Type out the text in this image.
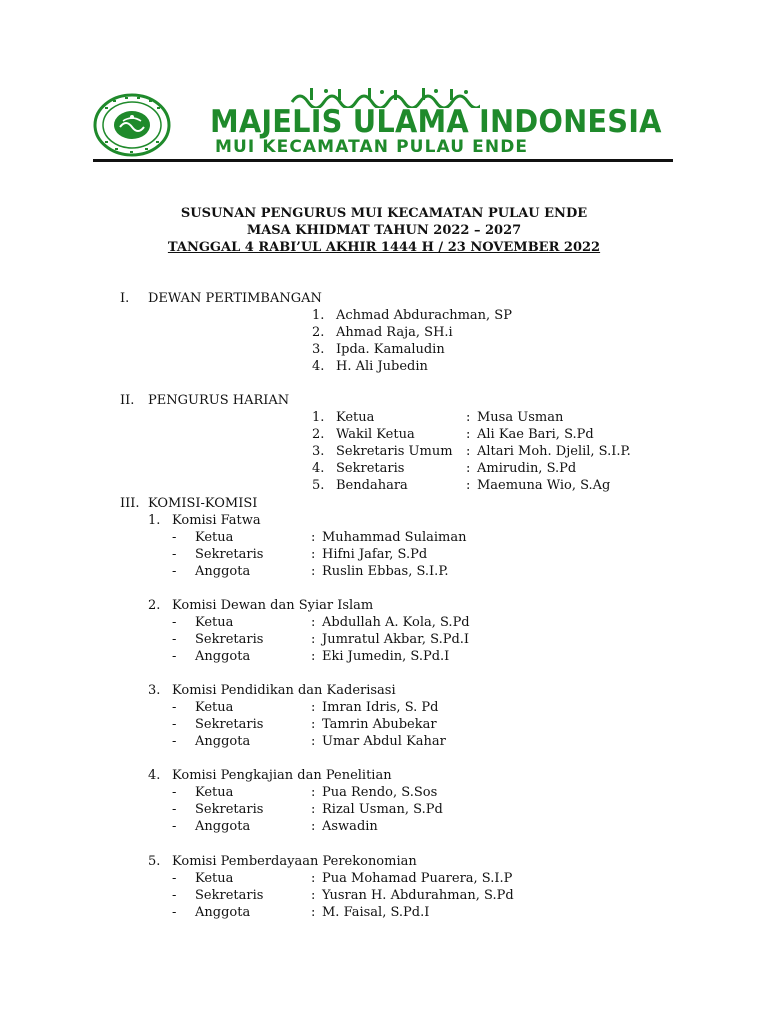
MAJELIS ULAMA INDONESIA
MUI KECAMATAN PULAU ENDE
SUSUNAN PENGURUS MUI KECAMATAN PULAU ENDE
MASA KHIDMAT TAHUN 2022 – 2027
TANGGAL 4 RABI’UL AKHIR 1444 H / 23 NOVEMBER 2022
I. DEWAN PERTIMBANGAN
1. Achmad Abdurachman, SP
2. Ahmad Raja, SH.i
3. Ipda. Kamaludin
4. H. Ali Jubedin
II. PENGURUS HARIAN
1. Ketua	: Musa Usman
2. Wakil Ketua	: Ali Kae Bari, S.Pd
3. Sekretaris Umum : Altari Moh. Djelil, S.I.P.
4. Sekretaris	: Amirudin, S.Pd
5. Bendahara	: Maemuna Wio, S.Ag
III. KOMISI-KOMISI
1. Komisi Fatwa
- Ketua	: Muhammad Sulaiman
- Sekretaris	: Hifni Jafar, S.Pd
- Anggota	: Ruslin Ebbas, S.I.P.
2. Komisi Dewan dan Syiar Islam
- Ketua	: Abdullah A. Kola, S.Pd
- Sekretaris	: Jumratul Akbar, S.Pd.I
- Anggota	: Eki Jumedin, S.Pd.I
3. Komisi Pendidikan dan Kaderisasi
- Ketua	: Imran Idris, S. Pd
- Sekretaris	: Tamrin Abubekar
- Anggota	: Umar Abdul Kahar
4. Komisi Pengkajian dan Penelitian
- Ketua	: Pua Rendo, S.Sos
- Sekretaris	: Rizal Usman, S.Pd
- Anggota	: Aswadin
5. Komisi Pemberdayaan Perekonomian
- Ketua	: Pua Mohamad Puarera, S.I.P
- Sekretaris	: Yusran H. Abdurahman, S.Pd
- Anggota	: M. Faisal, S.Pd.I
